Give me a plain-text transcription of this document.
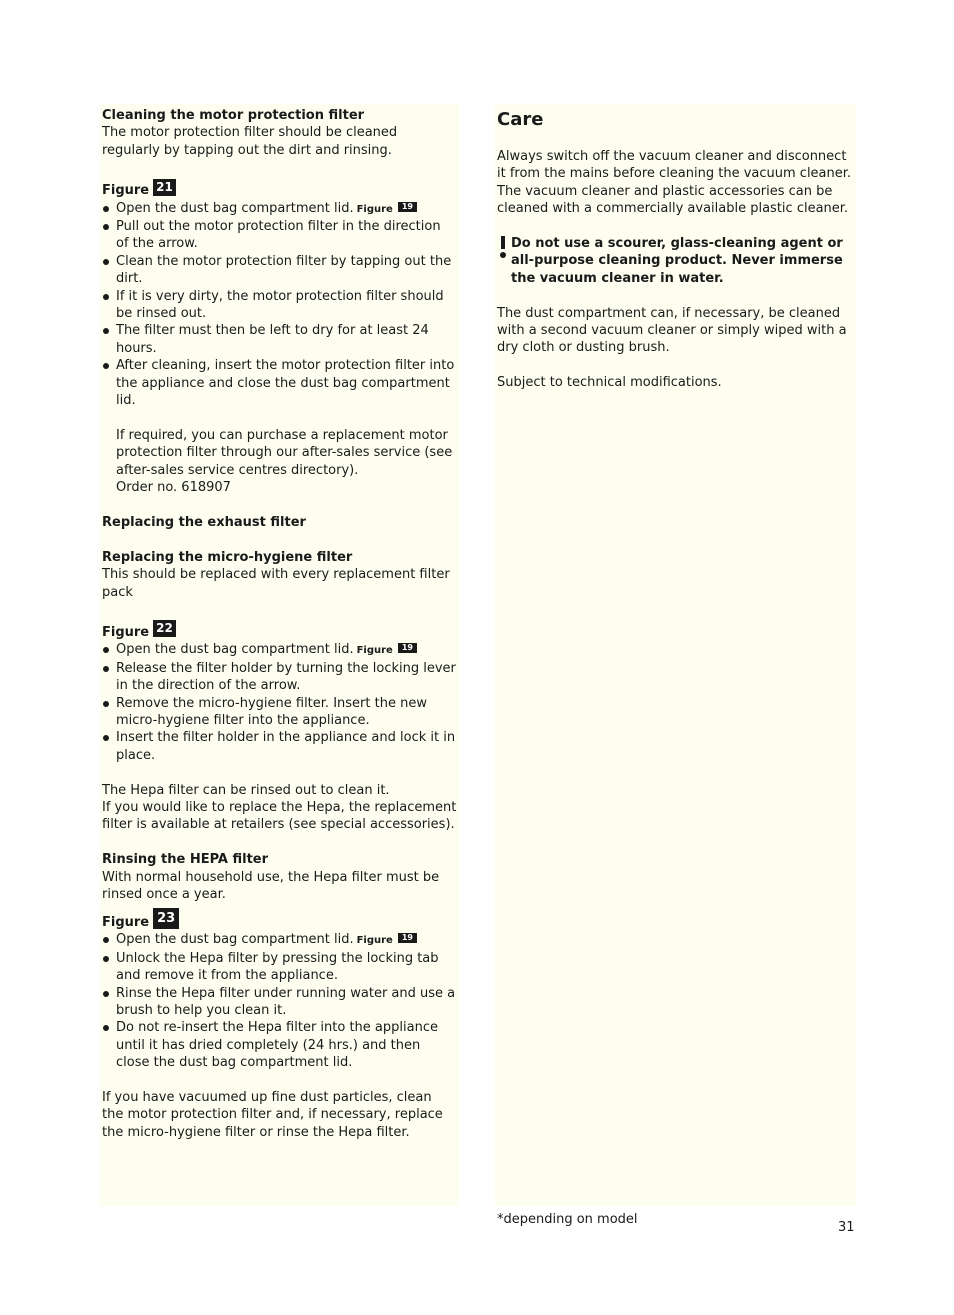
Cleaning the motor protection filter

The motor protection filter should be cleaned regularly by tapping out the dirt and rinsing.

Figure 21
Open the dust bag compartment lid. Figure 19
Pull out the motor protection filter in the direction of the arrow.
Clean the motor protection filter by tapping out the dirt.
If it is very dirty, the motor protection filter should be rinsed out.
The filter must then be left to dry for at least 24 hours.
After cleaning, insert the motor protection filter into the appliance and close the dust bag compartment lid.

If required, you can purchase a replacement motor protection filter through our after-sales service (see after-sales service centres directory).

Order no. 618907

Replacing the exhaust filter

Replacing the micro-hygiene filter

This should be replaced with every replacement filter pack

Figure 22
Open the dust bag compartment lid. Figure 19
Release the filter holder by turning the locking lever in the direction of the arrow.
Remove the micro-hygiene filter. Insert the new micro-hygiene filter into the appliance.
Insert the filter holder in the appliance and lock it in place.

The Hepa filter can be rinsed out to clean it.

If you would like to replace the Hepa, the replacement filter is available at retailers (see special accessories).

Rinsing the HEPA filter

With normal household use, the Hepa filter must be rinsed once a year.

Figure 23
Open the dust bag compartment lid. Figure 19
Unlock the Hepa filter by pressing the locking tab and remove it from the appliance.
Rinse the Hepa filter under running water and use a brush to help you clean it.
Do not re-insert the Hepa filter into the appliance until it has dried completely (24 hrs.) and then close the dust bag compartment lid.

If you have vacuumed up fine dust particles, clean the motor protection filter and, if necessary, replace the micro-hygiene filter or rinse the Hepa filter.

Care

Always switch off the vacuum cleaner and disconnect it from the mains before cleaning the vacuum cleaner.

The vacuum cleaner and plastic accessories can be cleaned with a commercially available plastic cleaner.

Do not use a scourer, glass-cleaning agent or all-purpose cleaning product. Never immerse the vacuum cleaner in water.

The dust compartment can, if necessary, be cleaned with a second vacuum cleaner or simply wiped with a dry cloth or dusting brush.

Subject to technical modifications.

*depending on model
31
